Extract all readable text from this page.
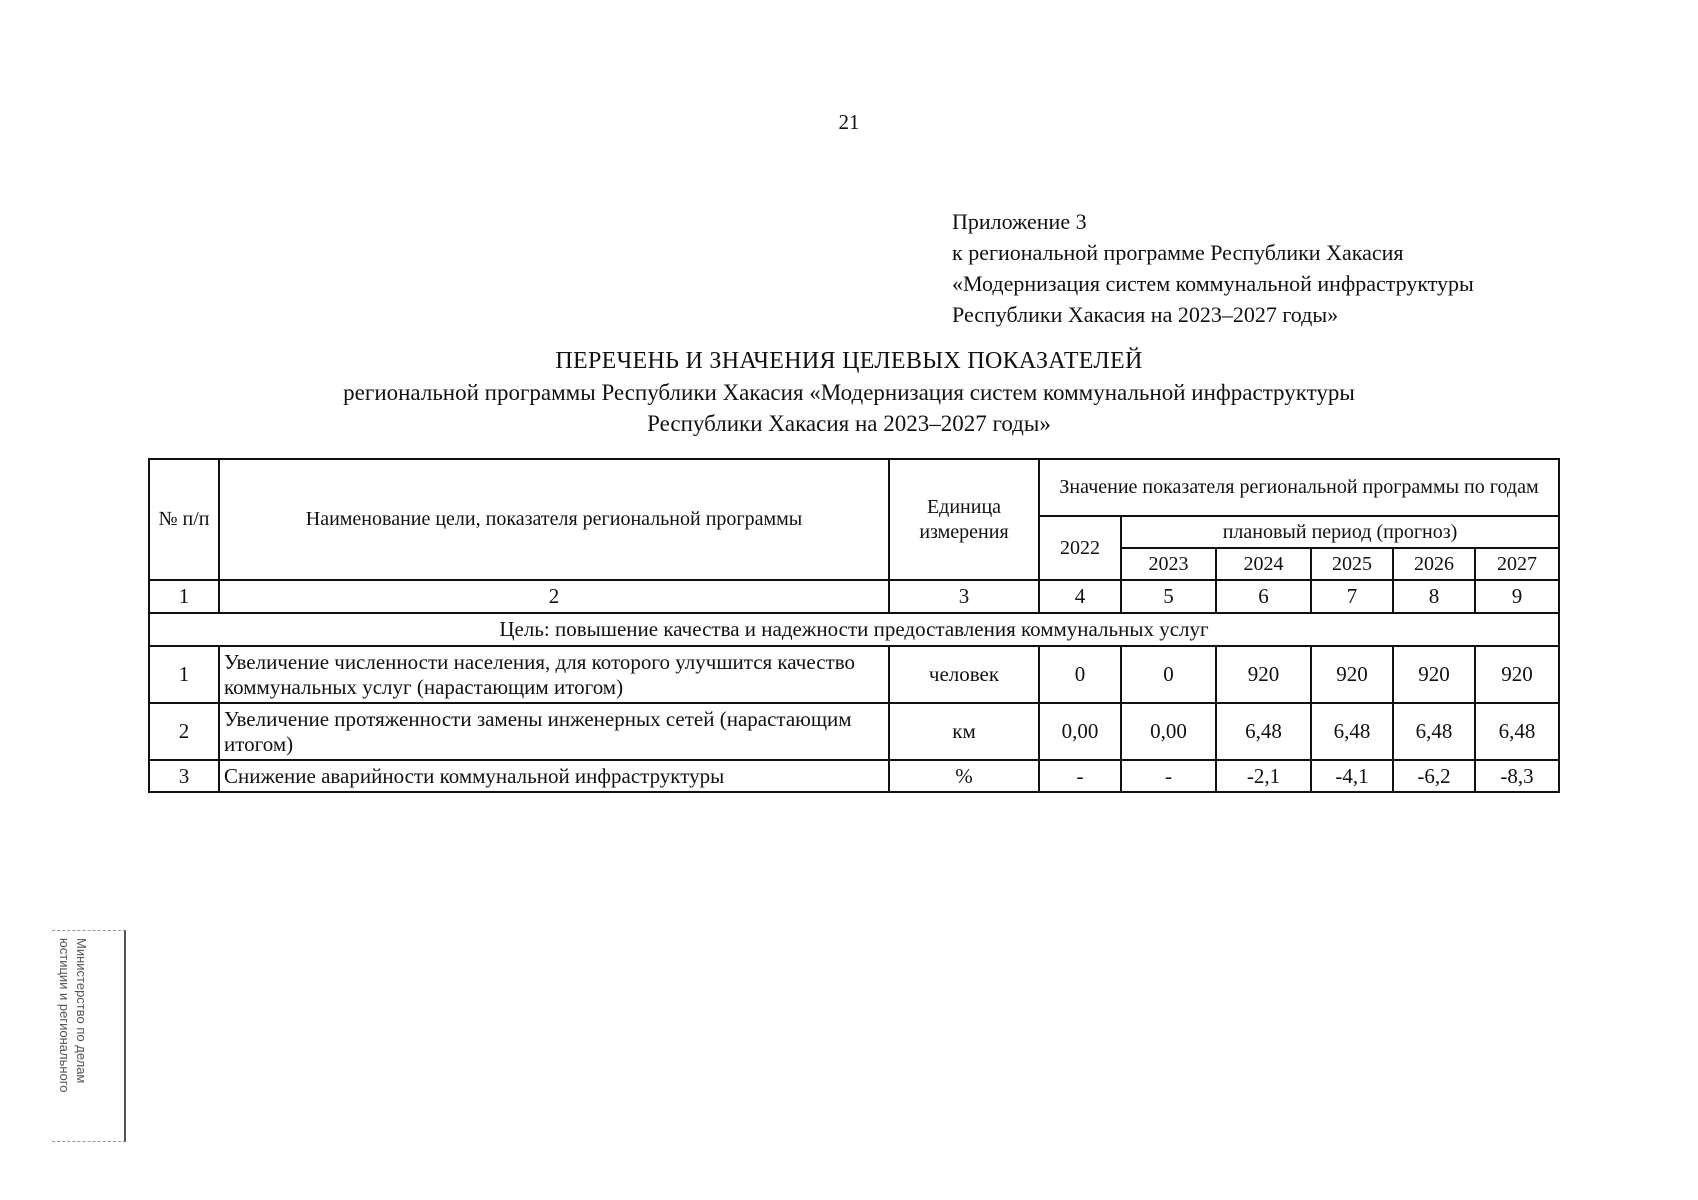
21
Приложение 3
к региональной программе Республики Хакасия
«Модернизация систем коммунальной инфраструктуры
Республики Хакасия на 2023–2027 годы»
ПЕРЕЧЕНЬ И ЗНАЧЕНИЯ ЦЕЛЕВЫХ ПОКАЗАТЕЛЕЙ
региональной программы Республики Хакасия «Модернизация систем коммунальной инфраструктуры
Республики Хакасия на 2023–2027 годы»
№ п/п	Наименование цели, показателя региональной программы	Единица измерения	Значение показателя региональной программы по годам					
			2022	плановый период (прогноз)				
				2023	2024	2025	2026	2027
1	2	3	4	5	6	7	8	9
Цель: повышение качества и надежности предоставления коммунальных услуг								
1	Увеличение численности населения, для которого улучшится качество коммунальных услуг (нарастающим итогом)	человек	0	0	920	920	920	920
2	Увеличение протяженности замены инженерных сетей (нарастающим итогом)	км	0,00	0,00	6,48	6,48	6,48	6,48
3	Снижение аварийности коммунальной инфраструктуры	%	-	-	-2,1	-4,1	-6,2	-8,3
Министерство по делам
юстиции и регионального
